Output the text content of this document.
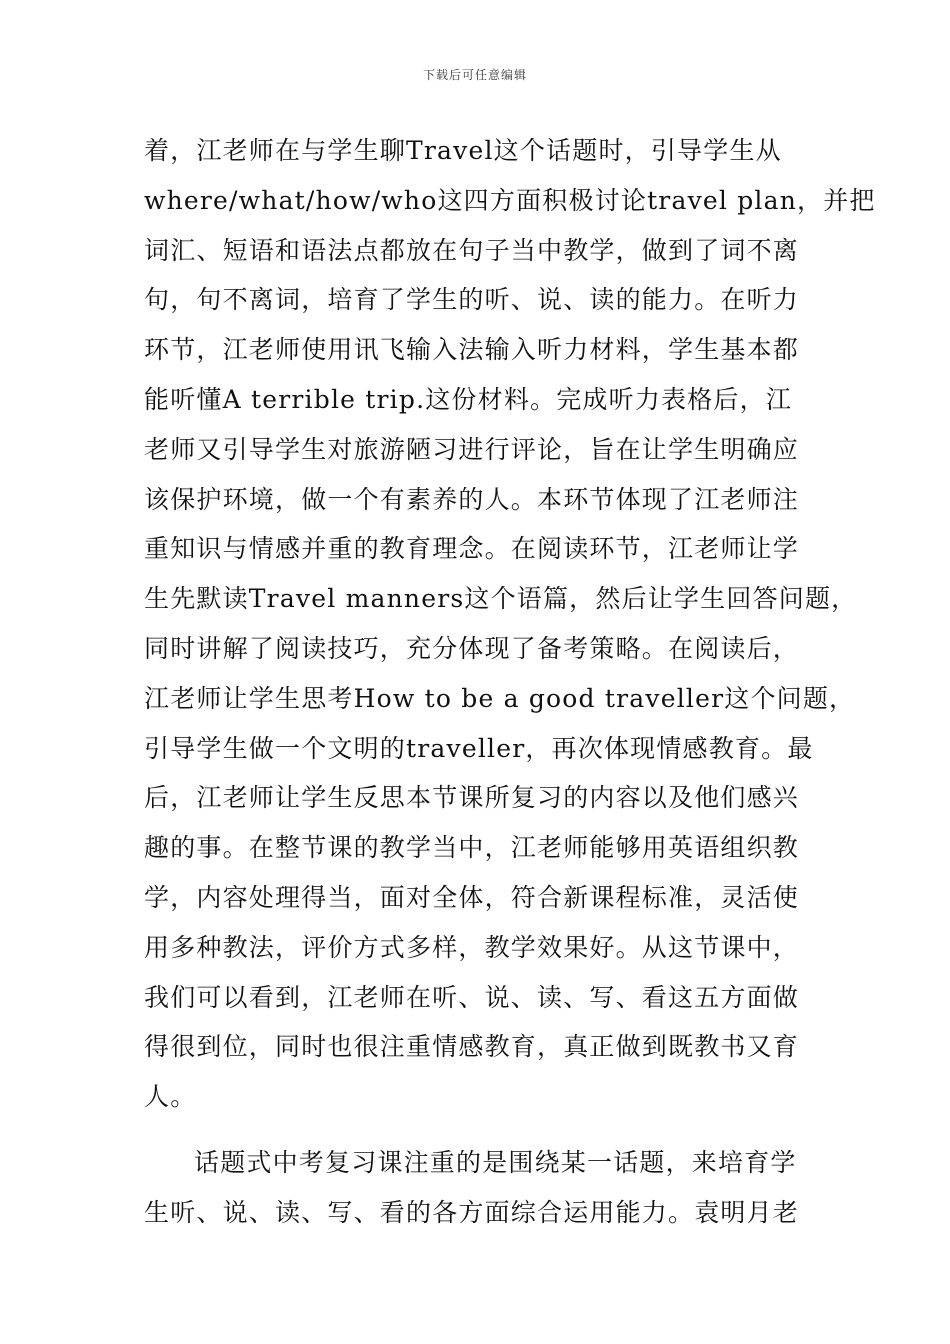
下载后可任意编辑
着，江老师在与学生聊Travel这个话题时，引导学生从
where/what/how/who这四方面积极讨论travel plan，并把
词汇、短语和语法点都放在句子当中教学，做到了词不离
句，句不离词，培育了学生的听、说、读的能力。在听力
环节，江老师使用讯飞输入法输入听力材料，学生基本都
能听懂A terrible trip.这份材料。完成听力表格后，江
老师又引导学生对旅游陋习进行评论，旨在让学生明确应
该保护环境，做一个有素养的人。本环节体现了江老师注
重知识与情感并重的教育理念。在阅读环节，江老师让学
生先默读Travel manners这个语篇，然后让学生回答问题，
同时讲解了阅读技巧，充分体现了备考策略。在阅读后，
江老师让学生思考How to be a good traveller这个问题，
引导学生做一个文明的traveller，再次体现情感教育。最
后，江老师让学生反思本节课所复习的内容以及他们感兴
趣的事。在整节课的教学当中，江老师能够用英语组织教
学，内容处理得当，面对全体，符合新课程标准，灵活使
用多种教法，评价方式多样，教学效果好。从这节课中，
我们可以看到，江老师在听、说、读、写、看这五方面做
得很到位，同时也很注重情感教育，真正做到既教书又育
人。
话题式中考复习课注重的是围绕某一话题，来培育学
生听、说、读、写、看的各方面综合运用能力。袁明月老
